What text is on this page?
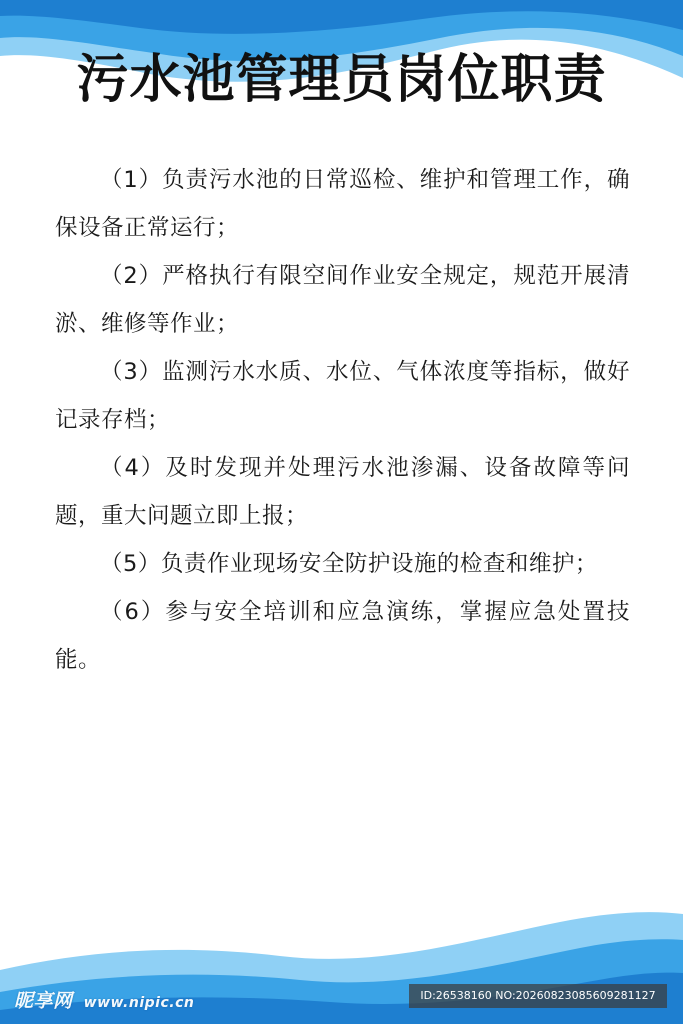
污水池管理员岗位职责
（1）负责污水池的日常巡检、维护和管理工作，确保设备正常运行；
（2）严格执行有限空间作业安全规定，规范开展清淤、维修等作业；
（3）监测污水水质、水位、气体浓度等指标，做好记录存档；
（4）及时发现并处理污水池渗漏、设备故障等问题，重大问题立即上报；
（5）负责作业现场安全防护设施的检查和维护；
（6）参与安全培训和应急演练，掌握应急处置技能。
昵享网 www.nipic.cn	ID:26538160 NO:20260823085609281127
